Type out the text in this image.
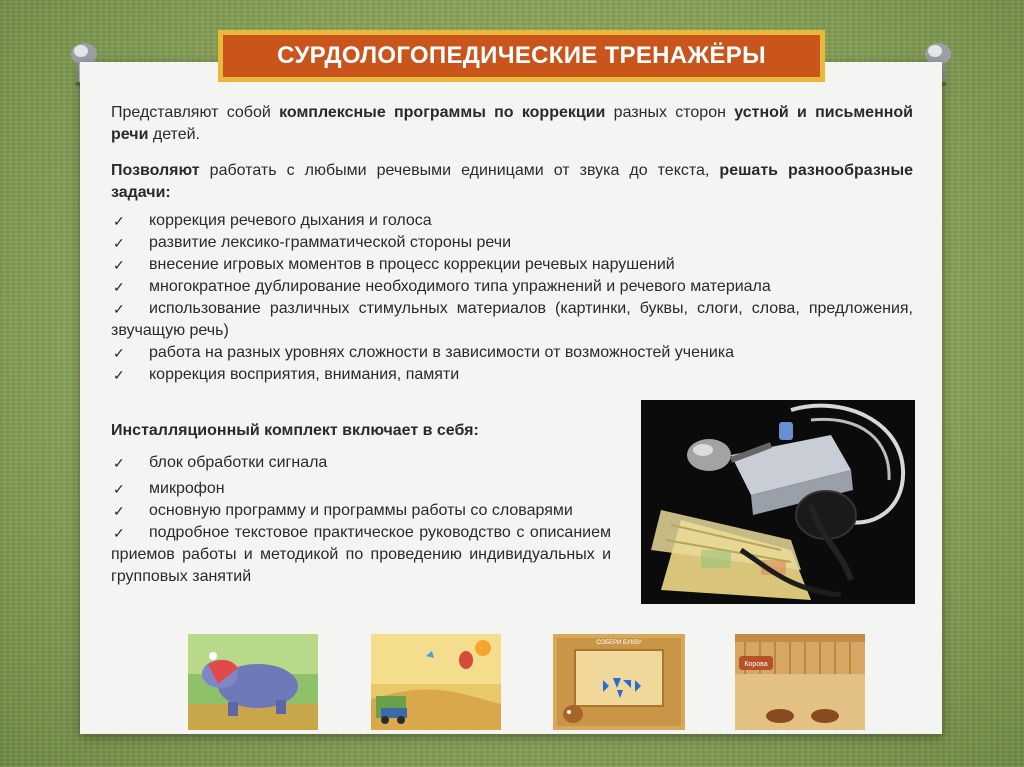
СУРДОЛОГОПЕДИЧЕСКИЕ ТРЕНАЖЁРЫ

Представляют собой комплексные программы по коррекции разных сторон устной и письменной речи детей.

Позволяют работать с любыми речевыми единицами от звука до текста, решать разнообразные задачи:

✓ коррекция речевого дыхания и голоса
✓ развитие лексико-грамматической стороны речи
✓ внесение игровых моментов в процесс коррекции речевых нарушений
✓ многократное дублирование необходимого типа упражнений и речевого материала
✓ использование различных стимульных материалов (картинки, буквы, слоги, слова, предложения, звучащую речь)
✓ работа на разных уровнях сложности в зависимости от возможностей ученика
✓ коррекция восприятия, внимания, памяти

Инсталляционный комплект включает в себя:

✓ блок обработки сигнала
✓ микрофон
✓ основную программу и программы работы со словарями
✓ подробное текстовое практическое руководство с описанием приемов работы и методикой по проведению индивидуальных и групповых занятий
СОБЕРИ БУКВУ
Корова
